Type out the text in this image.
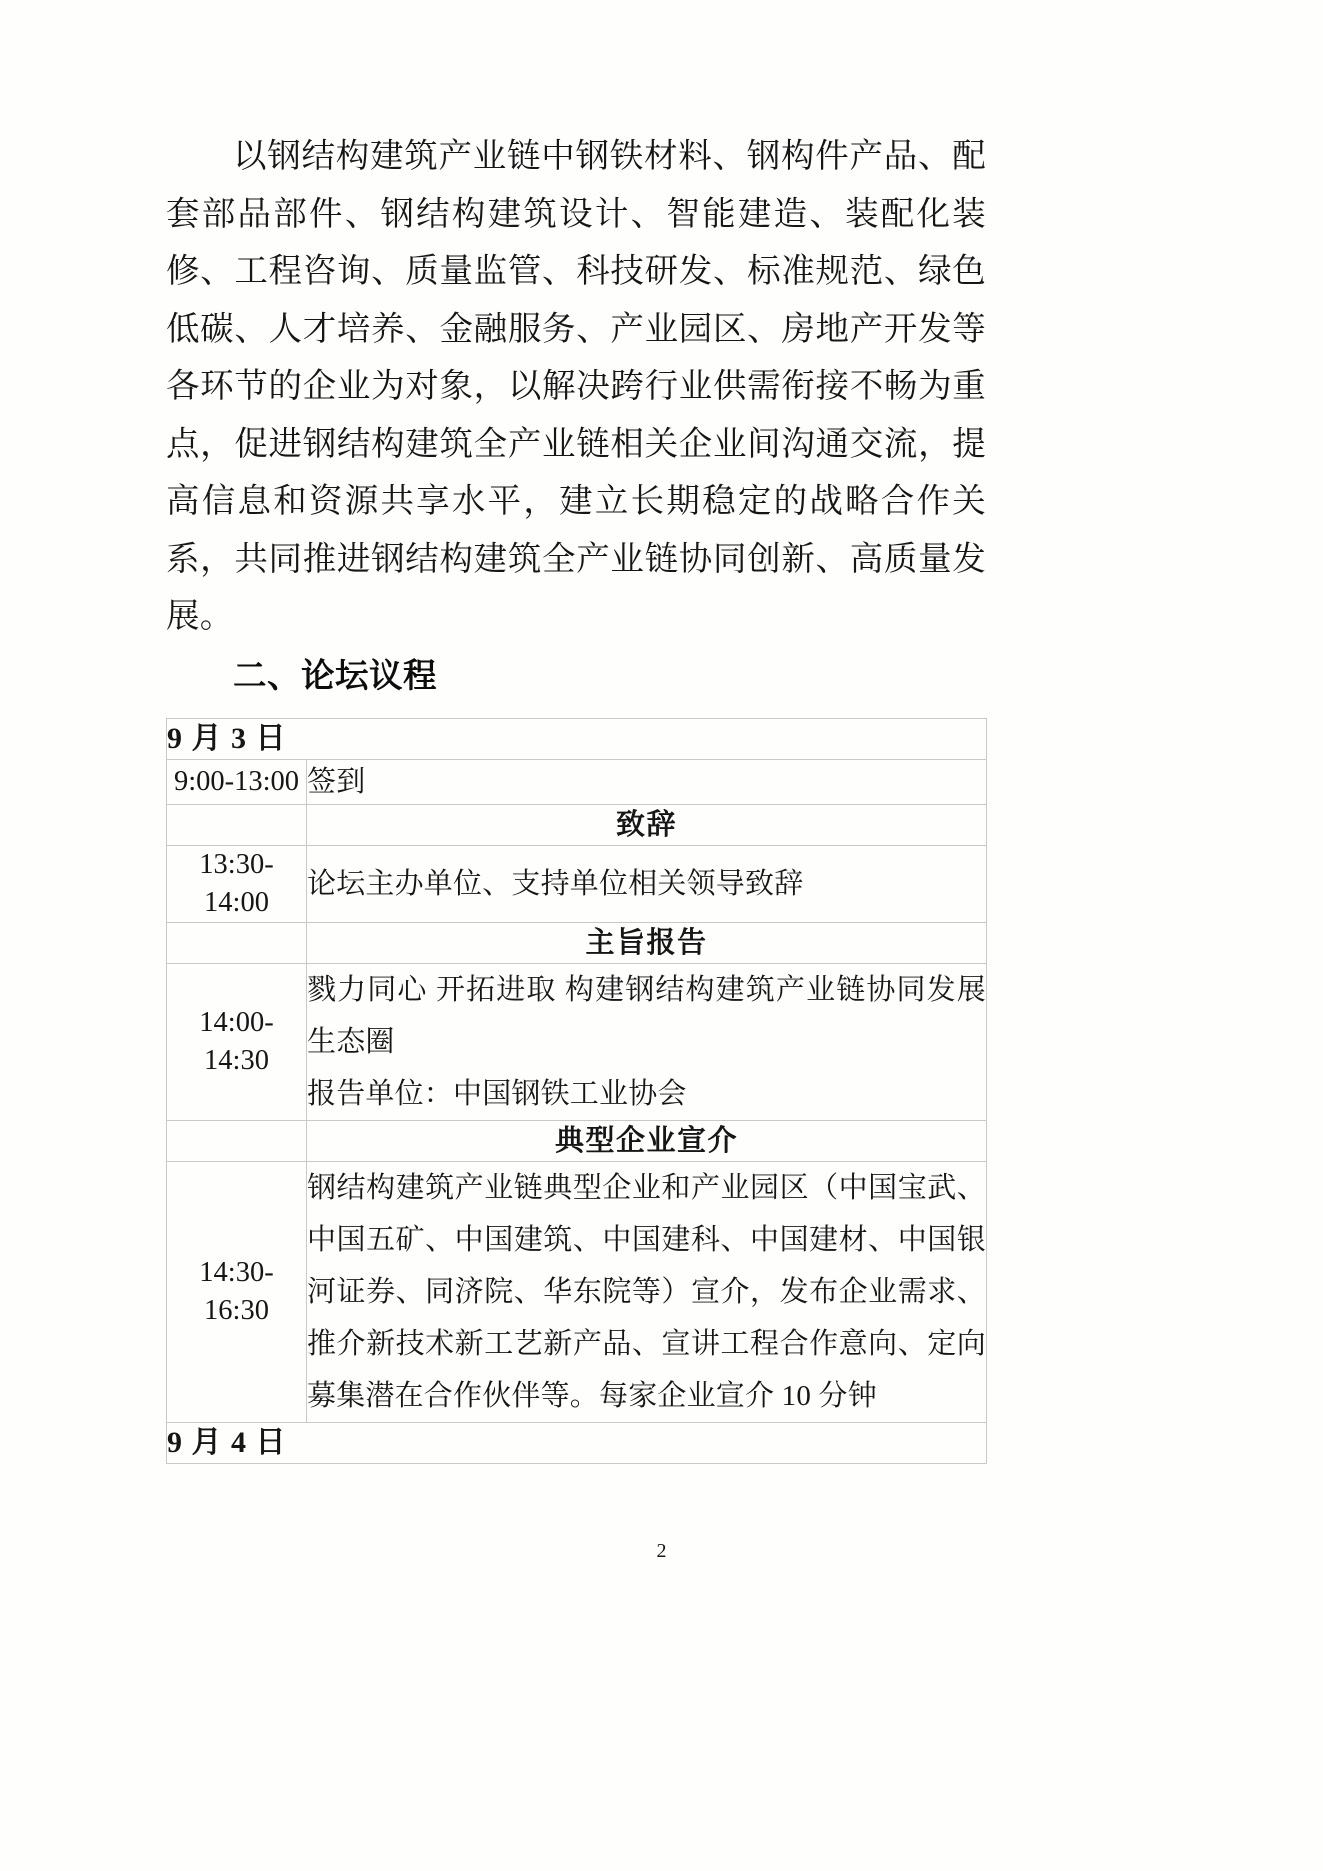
以钢结构建筑产业链中钢铁材料、钢构件产品、配套部品部件、钢结构建筑设计、智能建造、装配化装修、工程咨询、质量监管、科技研发、标准规范、绿色低碳、人才培养、金融服务、产业园区、房地产开发等各环节的企业为对象，以解决跨行业供需衔接不畅为重点，促进钢结构建筑全产业链相关企业间沟通交流，提高信息和资源共享水平，建立长期稳定的战略合作关系，共同推进钢结构建筑全产业链协同创新、高质量发展。

二、论坛议程
9 月 3 日	
9:00-13:00	签到
	致辞
13:30-14:00	论坛主办单位、支持单位相关领导致辞
	主旨报告
14:00-14:30	戮力同心 开拓进取 构建钢结构建筑产业链协同发展生态圈
报告单位：中国钢铁工业协会

	典型企业宣介
14:30-16:30	钢结构建筑产业链典型企业和产业园区（中国宝武、中国五矿、中国建筑、中国建科、中国建材、中国银河证券、同济院、华东院等）宣介，发布企业需求、推介新技术新工艺新产品、宣讲工程合作意向、定向募集潜在合作伙伴等。每家企业宣介 10 分钟
9 月 4 日	
2
